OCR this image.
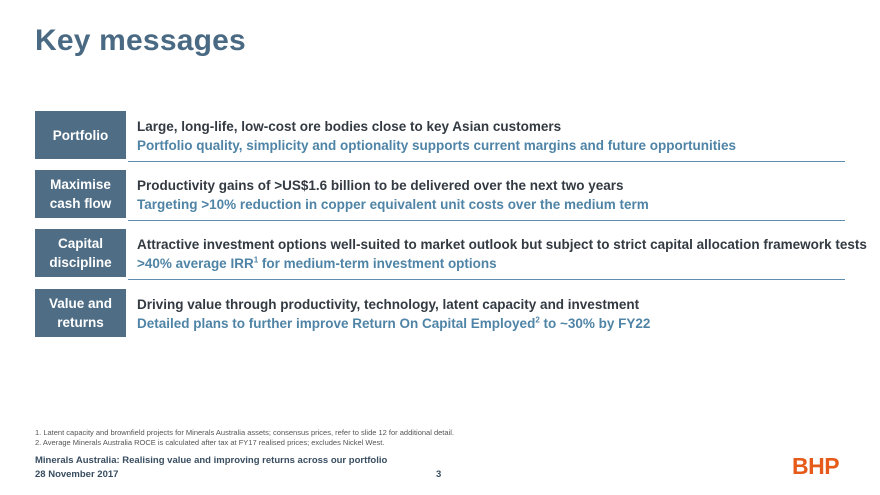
Key messages
Portfolio
Large, long-life, low-cost ore bodies close to key Asian customers
Portfolio quality, simplicity and optionality supports current margins and future opportunities
Maximise
cash flow
Productivity gains of >US$1.6 billion to be delivered over the next two years
Targeting >10% reduction in copper equivalent unit costs over the medium term
Capital
discipline
Attractive investment options well-suited to market outlook but subject to strict capital allocation framework tests
>40% average IRR$^1$ for medium-term investment options
Value and
returns
Driving value through productivity, technology, latent capacity and investment
Detailed plans to further improve Return On Capital Employed$^2$ to ~30% by FY22
1. Latent capacity and brownfield projects for Minerals Australia assets; consensus prices, refer to slide 12 for additional detail.
2. Average Minerals Australia ROCE is calculated after tax at FY17 realised prices; excludes Nickel West.
Minerals Australia: Realising value and improving returns across our portfolio
28 November 2017	3	BHP
